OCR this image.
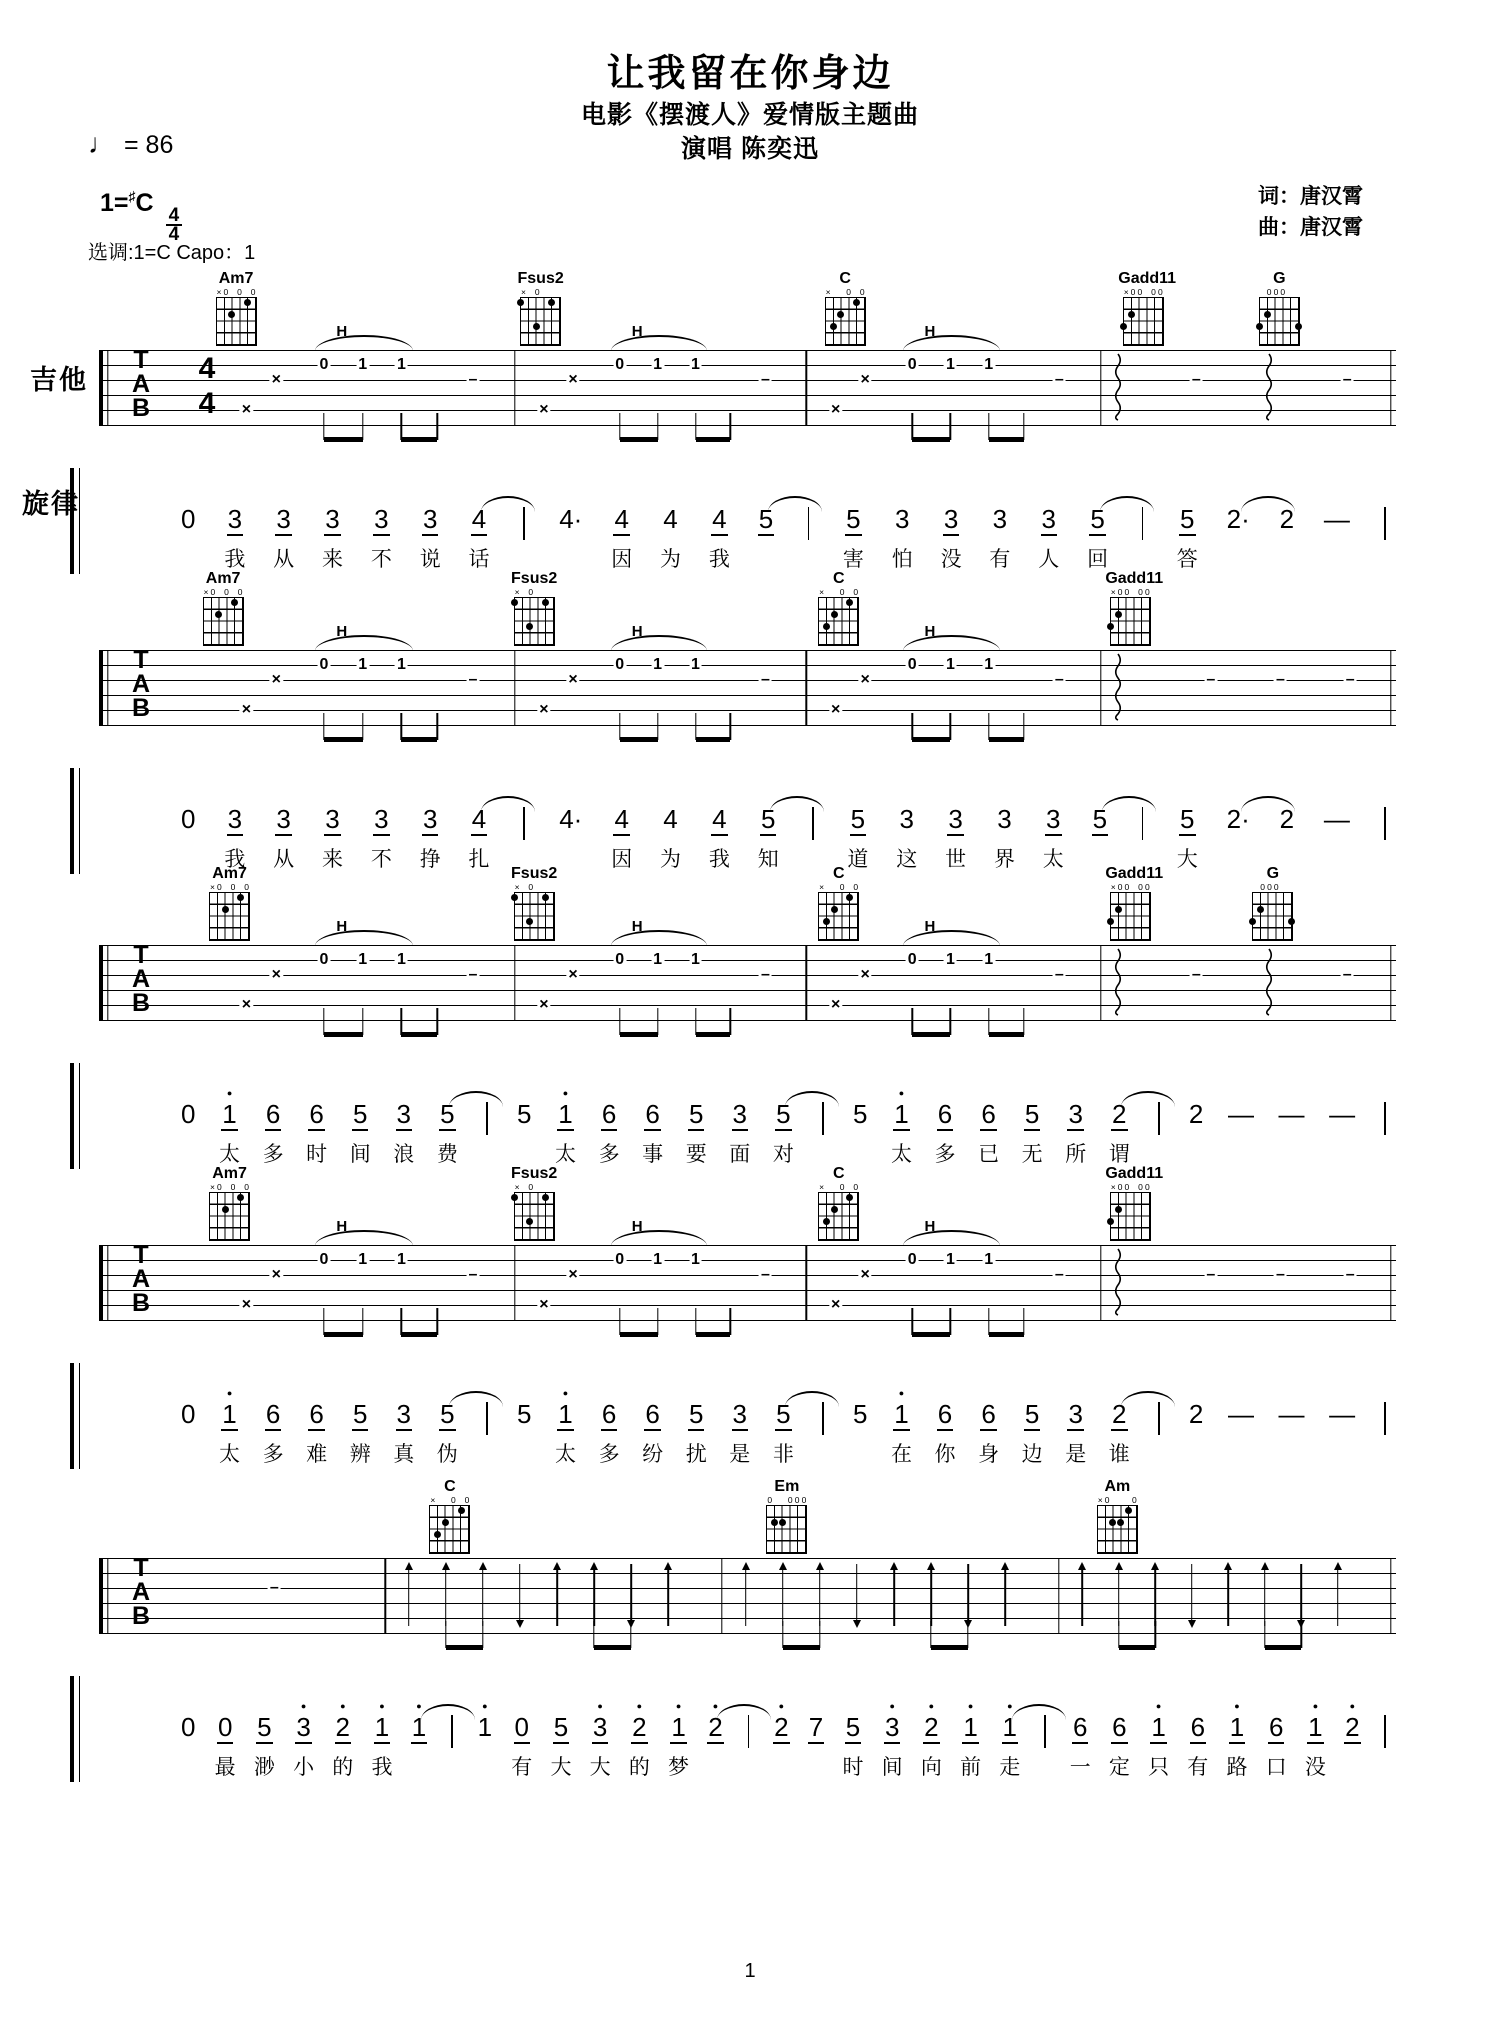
让我留在你身边
电影《摆渡人》爱情版主题曲
演唱 陈奕迅
♩ = 86
1=♯C
$\frac{4}{4}$
选调:1=C Capo：1
词：唐汉霄
曲：唐汉霄
吉他
旋律
T
A
B
4
4
Am7
× 0 0 0
Fsus2
× 0
C
× 0 0
Gadd11
× 0 0 0 0
G
0 0 0
×
×
0 1 1
H
–
×
×
0 1 1
H
–
×
×
0 1 1
H
–	–	–
0 3
我
3
从
3
来
3
不
3
说
4
话
4· 4
因
4
为
4
我
5	5
害
3
怕
3
没
3
有
3
人
5
回
5
答
2· 2 —
T
A
B
Am7
× 0 0 0
Fsus2
× 0
C
× 0 0
Gadd11
× 0 0 0 0
×
×
0 1 1
H
–
×
×
0 1 1
H
–
×
×
0 1 1
H
–	–	–	–
0 3
我
3
从
3
来
3
不
3
挣
4
扎
4· 4
因
4
为
4
我
5
知
5
道
3
这
3
世
3
界
3
太
5	5
大
2· 2 —
T
A
B
Am7
× 0 0 0
Fsus2
× 0
C
× 0 0
Gadd11
× 0 0 0 0
G
0 0 0
×
×
0 1 1
H
–
×
×
0 1 1
H
–
×
×
0 1 1
H
–	–	–
0
●
1
太
6
多
6
时
5
间
3
浪
5
费
5
●
1
太
6
多
6
事
5
要
3
面
5
对
5
●
1
太
6
多
6
已
5
无
3
所
2
谓
2 — — —
T
A
B
Am7
× 0 0 0
Fsus2
× 0
C
× 0 0
Gadd11
× 0 0 0 0
×
×
0 1 1
H
–
×
×
0 1 1
H
–
×
×
0 1 1
H
–	–	–	–
0
●
1
太
6
多
6
难
5
辨
3
真
5
伪
5
●
1
太
6
多
6
纷
5
扰
3
是
5
非
5
●
1
在
6
你
6
身
5
边
3
是
2
谁
2 — — —
T
A
B
C
× 0 0
Em
0 0 0 0
Am
× 0	0
–
0 0
最
5
渺
●
3
小
●
2
的
●
1
我
●
1
●
1 0
有
5
大
●
3
大
●
2
的
●
1
梦
●
2
●
2 7 5
时
●
3
间
●
2
向
●
1
前
●
1
走
6
一
6
定
●
1
只
6
有
●
1
路
6
口
●
1
没
●
2
1
